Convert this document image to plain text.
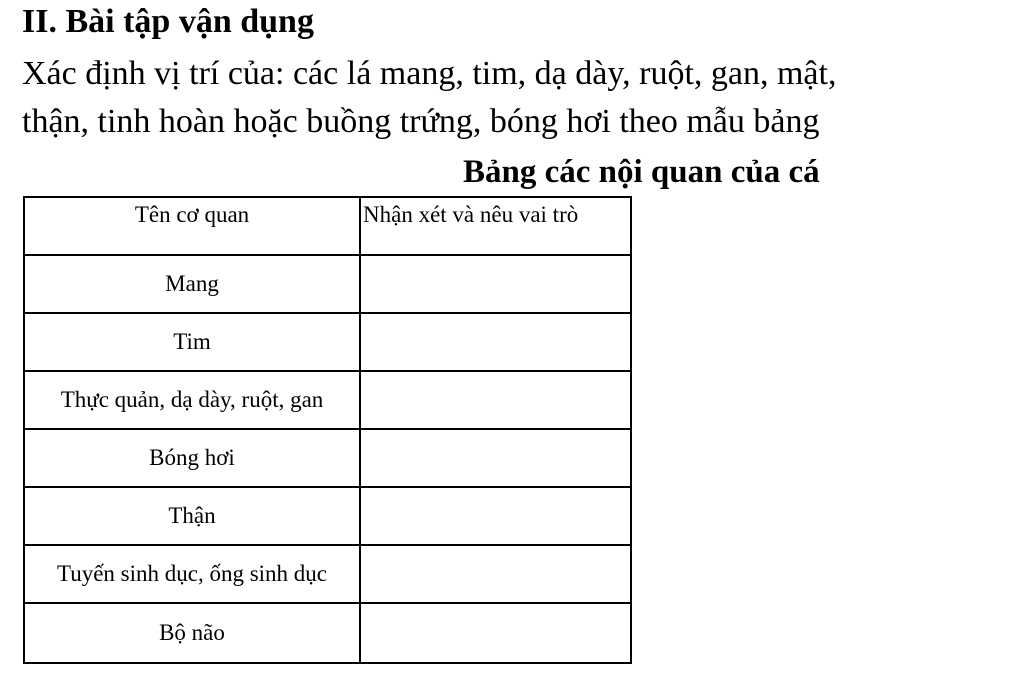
II. Bài tập vận dụng
Xác định vị trí của: các lá mang, tim, dạ dày, ruột, gan, mật,
thận, tinh hoàn hoặc buồng trứng, bóng hơi theo mẫu bảng
Bảng các nội quan của cá
Tên cơ quan	Nhận xét và nêu vai trò
Mang	
Tim	
Thực quản, dạ dày, ruột, gan	
Bóng hơi	
Thận	
Tuyến sinh dục, ống sinh dục	
Bộ não	
